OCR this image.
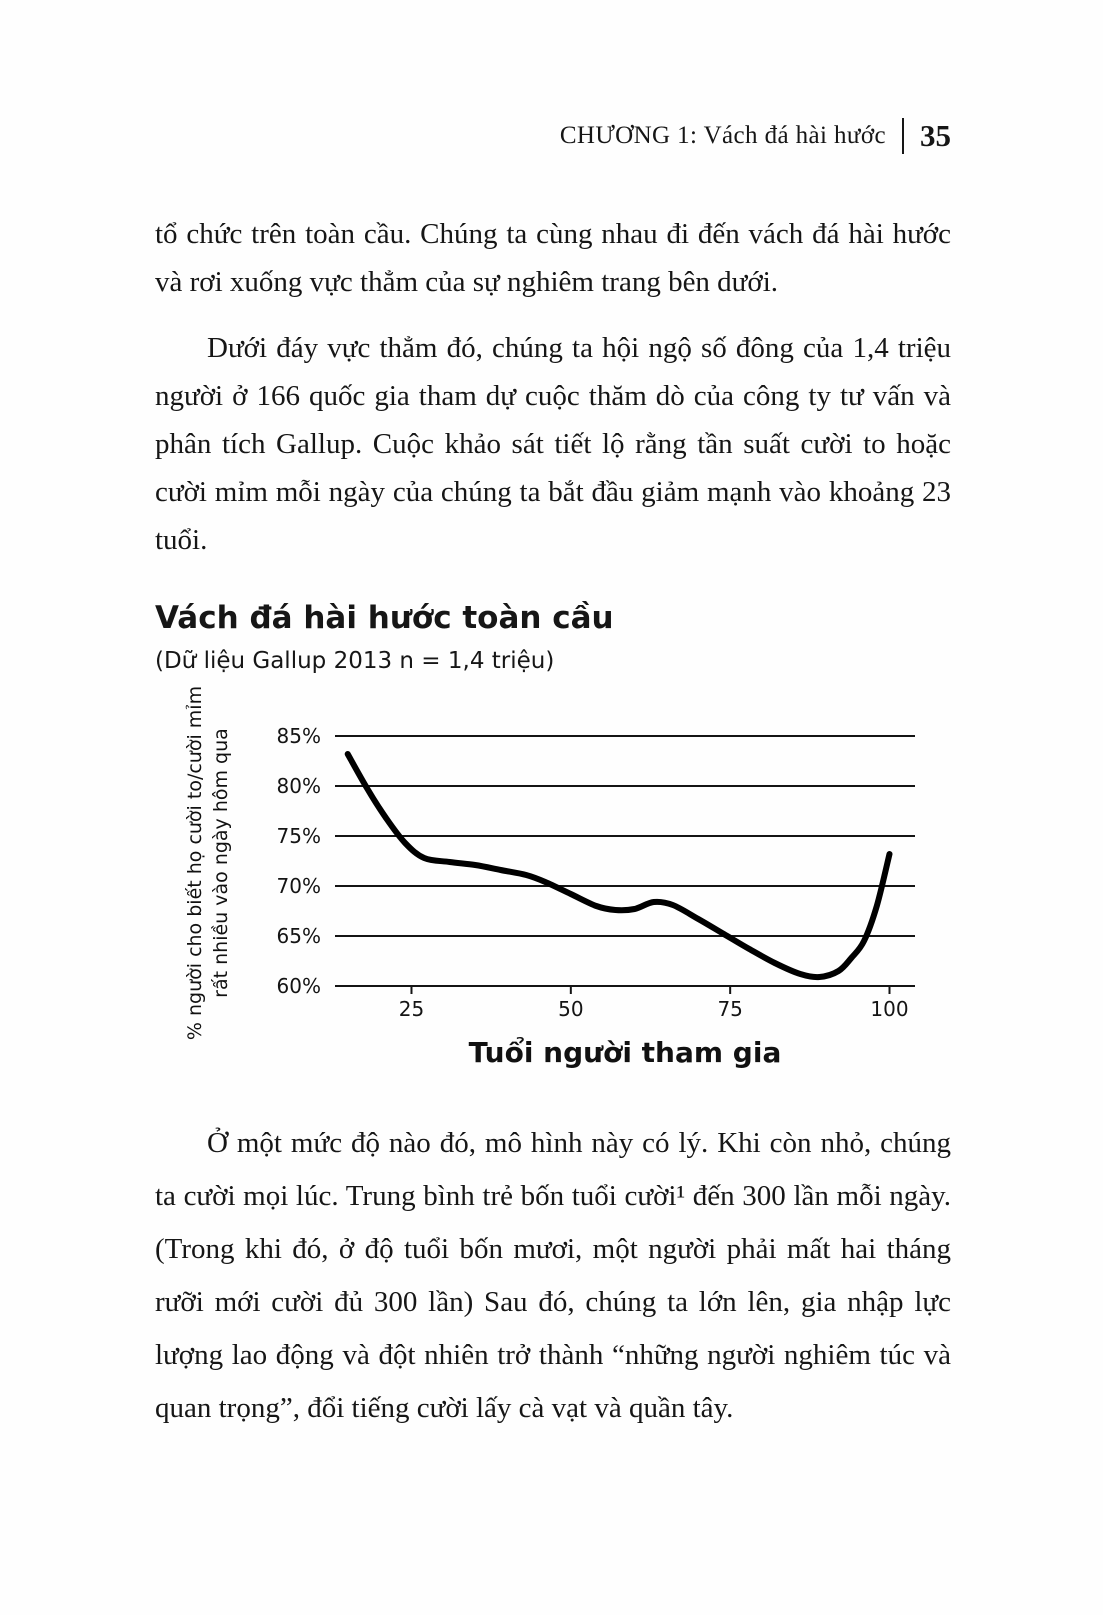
CHƯƠNG 1: Vách đá hài hước 35

tổ chức trên toàn cầu. Chúng ta cùng nhau đi đến vách đá hài hước và rơi xuống vực thẳm của sự nghiêm trang bên dưới.

Dưới đáy vực thẳm đó, chúng ta hội ngộ số đông của 1,4 triệu người ở 166 quốc gia tham dự cuộc thăm dò của công ty tư vấn và phân tích Gallup. Cuộc khảo sát tiết lộ rằng tần suất cười to hoặc cười mỉm mỗi ngày của chúng ta bắt đầu giảm mạnh vào khoảng 23 tuổi.

Vách đá hài hước toàn cầu
(Dữ liệu Gallup 2013 n = 1,4 triệu)
% người cho biết họ cười to/cười mỉm rất nhiều vào ngày hôm qua 85%
80%
75%
70%
65%
60%
25	50	75	100
Tuổi người tham gia

Ở một mức độ nào đó, mô hình này có lý. Khi còn nhỏ, chúng ta cười mọi lúc. Trung bình trẻ bốn tuổi cười¹ đến 300 lần mỗi ngày. (Trong khi đó, ở độ tuổi bốn mươi, một người phải mất hai tháng rưỡi mới cười đủ 300 lần) Sau đó, chúng ta lớn lên, gia nhập lực lượng lao động và đột nhiên trở thành “những người nghiêm túc và quan trọng”, đổi tiếng cười lấy cà vạt và quần tây.
